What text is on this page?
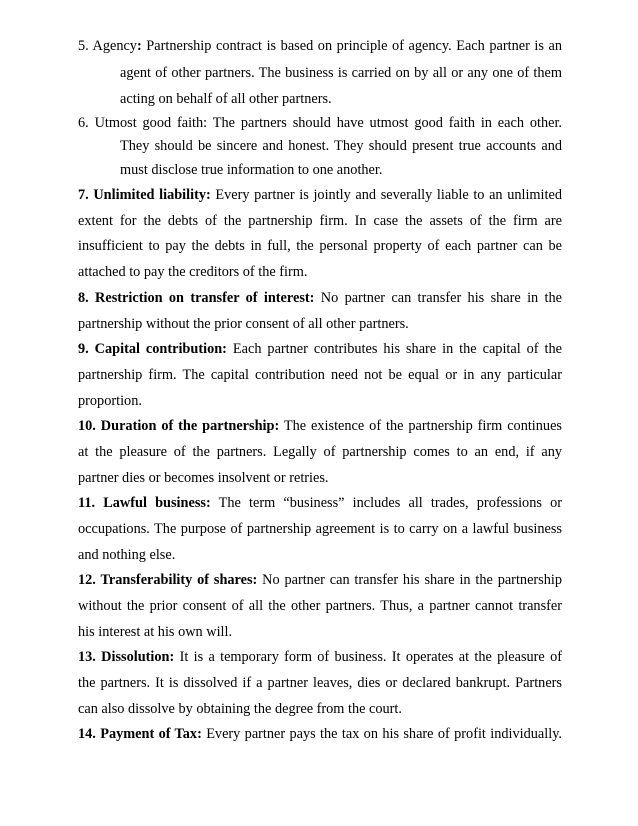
5. Agency: Partnership contract is based on principle of agency. Each partner is an
agent of other partners. The business is carried on by all or any one of them
acting on behalf of all other partners.
6. Utmost good faith: The partners should have utmost good faith in each other.
They should be sincere and honest. They should present true accounts and
must disclose true information to one another.
7. Unlimited liability: Every partner is jointly and severally liable to an unlimited
extent for the debts of the partnership firm. In case the assets of the firm are
insufficient to pay the debts in full, the personal property of each partner can be
attached to pay the creditors of the firm.
8. Restriction on transfer of interest: No partner can transfer his share in the
partnership without the prior consent of all other partners.
9. Capital contribution: Each partner contributes his share in the capital of the
partnership firm. The capital contribution need not be equal or in any particular
proportion.
10. Duration of the partnership: The existence of the partnership firm continues
at the pleasure of the partners. Legally of partnership comes to an end, if any
partner dies or becomes insolvent or retries.
11. Lawful business: The term “business” includes all trades, professions or
occupations. The purpose of partnership agreement is to carry on a lawful business
and nothing else.
12. Transferability of shares: No partner can transfer his share in the partnership
without the prior consent of all the other partners. Thus, a partner cannot transfer
his interest at his own will.
13. Dissolution: It is a temporary form of business. It operates at the pleasure of
the partners. It is dissolved if a partner leaves, dies or declared bankrupt. Partners
can also dissolve by obtaining the degree from the court.
14. Payment of Tax: Every partner pays the tax on his share of profit individually.
